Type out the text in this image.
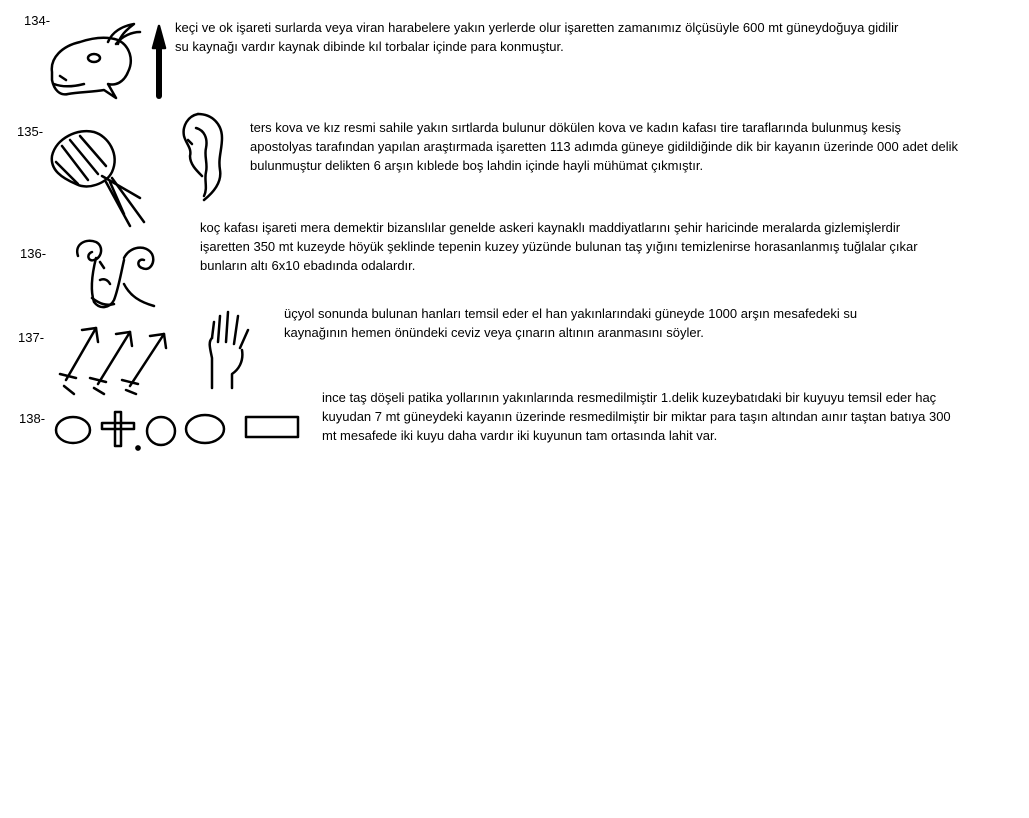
134-	keçi ve ok işareti surlarda veya viran harabelere yakın yerlerde olur işaretten zamanımız ölçüsüyle 600 mt güneydoğuya gidilir
su kaynağı vardır kaynak dibinde kıl torbalar içinde para konmuştur.
135-	ters kova ve kız resmi sahile yakın sırtlarda bulunur dökülen kova ve kadın kafası tire taraflarında bulunmuş kesiş
apostolyas tarafından yapılan araştırmada işaretten 113 adımda güneye gidildiğinde dik bir kayanın üzerinde 000 adet delik
bulunmuştur delikten 6 arşın kıblede boş lahdin içinde hayli mühümat çıkmıştır.
136-
koç kafası işareti mera demektir bizanslılar genelde askeri kaynaklı maddiyatlarını şehir haricinde meralarda gizlemişlerdir
işaretten 350 mt kuzeyde höyük şeklinde tepenin kuzey yüzünde bulunan taş yığını temizlenirse horasanlanmış tuğlalar çıkar
bunların altı 6x10 ebadında odalardır.
137-
üçyol sonunda bulunan hanları temsil eder el han yakınlarındaki güneyde 1000 arşın mesafedeki su
kaynağının hemen önündeki ceviz veya çınarın altının aranmasını söyler.
138-
ince taş döşeli patika yollarının yakınlarında resmedilmiştir 1.delik kuzeybatıdaki bir kuyuyu temsil eder haç
kuyudan 7 mt güneydeki kayanın üzerinde resmedilmiştir bir miktar para taşın altından aınır taştan batıya 300
mt mesafede iki kuyu daha vardır iki kuyunun tam ortasında lahit var.
